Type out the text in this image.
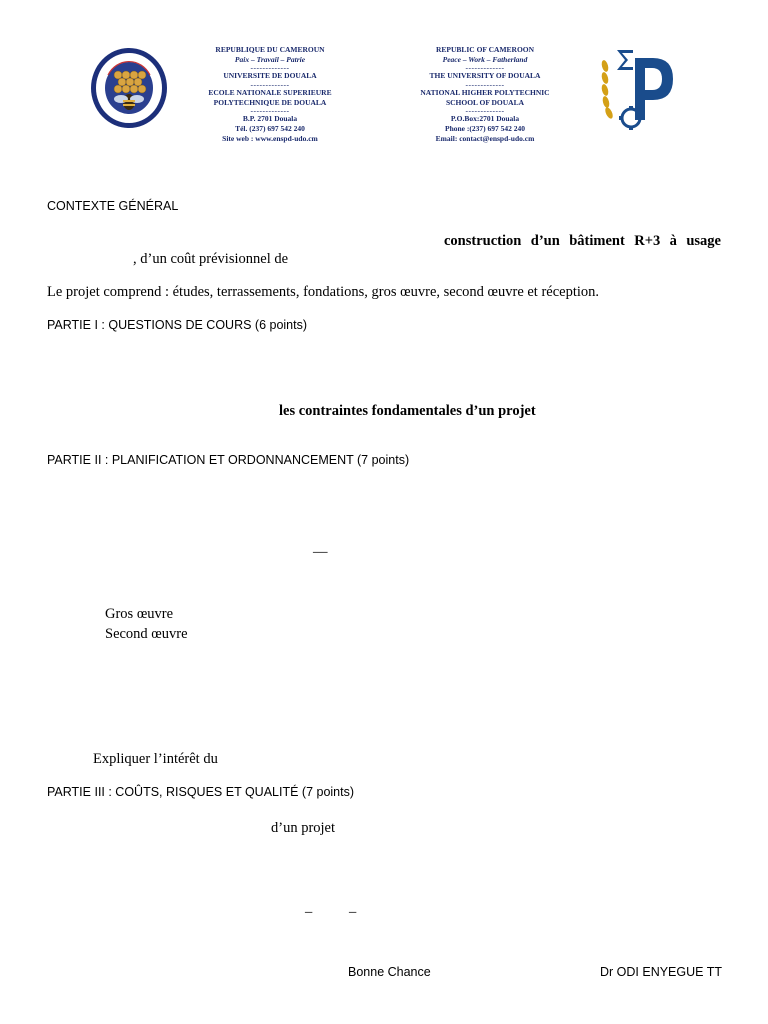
REPUBLIQUE DU CAMEROUN
Paix – Travail – Patrie
-------------
UNIVERSITE DE DOUALA
-------------
ECOLE NATIONALE SUPERIEURE
POLYTECHNIQUE DE DOUALA
-------------
B.P. 2701 Douala
Tél. (237) 697 542 240
Site web : www.enspd-udo.cm
REPUBLIC OF CAMEROON
Peace – Work – Fatherland
-------------
THE UNIVERSITY OF DOUALA
-------------
NATIONAL HIGHER POLYTECHNIC
SCHOOL OF DOUALA
-------------
P.O.Box:2701 Douala
Phone :(237) 697 542 240
Email: contact@enspd-udo.cm
CONTEXTE GÉNÉRAL
construction d’un bâtiment R+3 à usage
, d’un coût prévisionnel de
Le projet comprend : études, terrassements, fondations, gros œuvre, second œuvre et réception.
PARTIE I : QUESTIONS DE COURS (6 points)
les contraintes fondamentales d’un projet
PARTIE II : PLANIFICATION ET ORDONNANCEMENT (7 points)
—
Gros œuvre
Second œuvre
Expliquer l’intérêt du
PARTIE III : COÛTS, RISQUES ET QUALITÉ (7 points)
d’un projet
–	–
Bonne Chance	Dr ODI ENYEGUE TT
